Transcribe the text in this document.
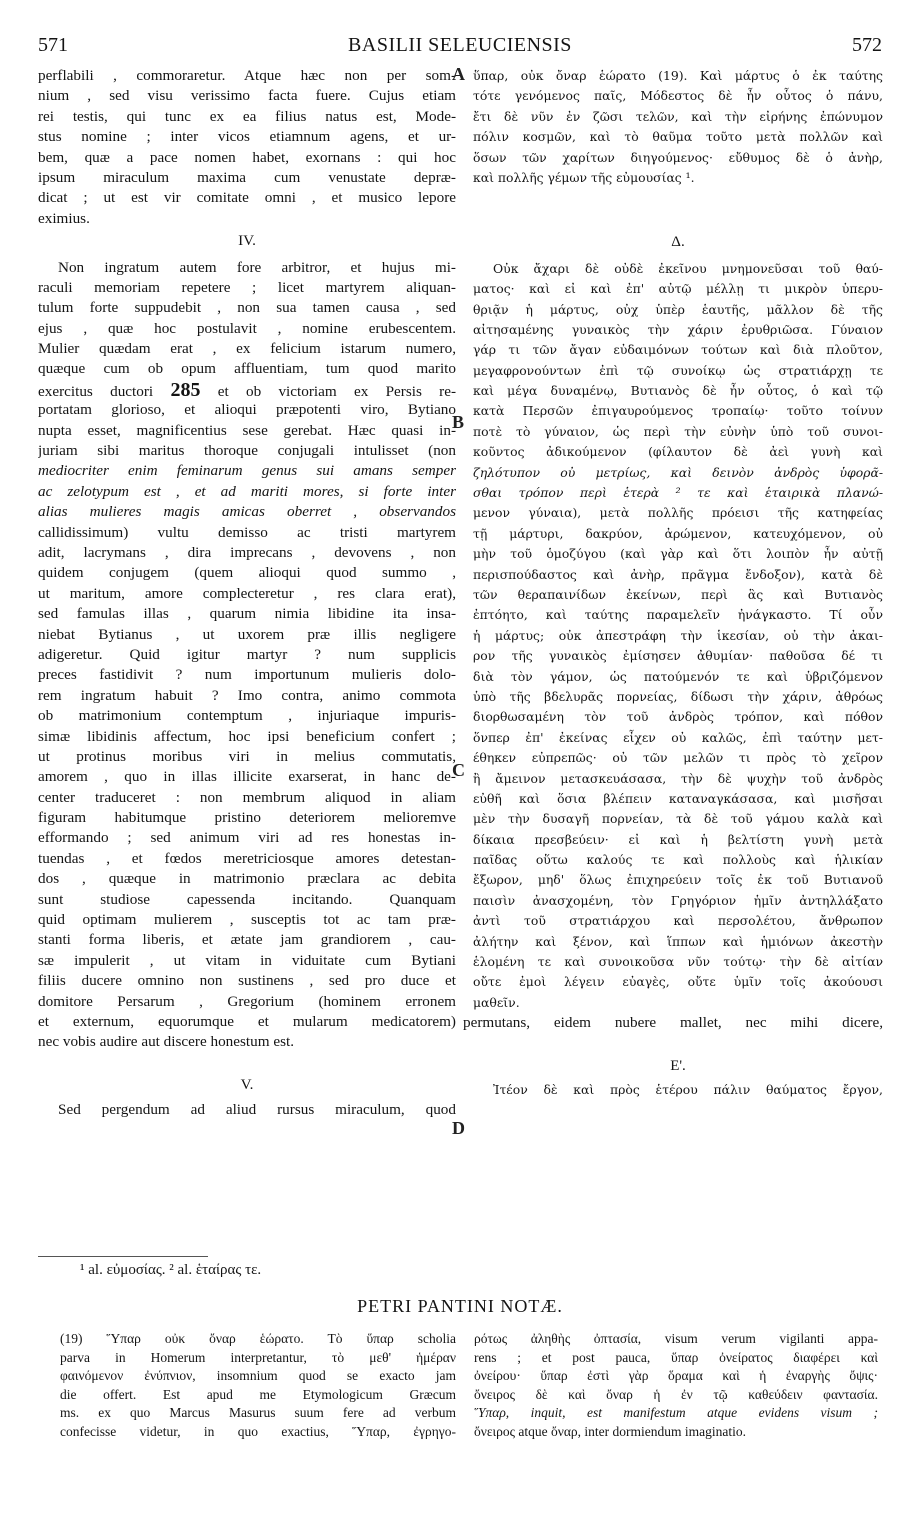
571	BASILII SELEUCIENSIS	572
perflabili , commoraretur. Atque hæc non per som-
nium , sed visu verissimo facta fuere. Cujus etiam
rei testis, qui tunc ex ea filius natus est, Mode-
stus nomine ; inter vicos etiamnum agens, et ur-
bem, quæ a pace nomen habet, exornans : qui hoc
ipsum miraculum maxima cum venustate depræ-
dicat ; ut est vir comitate omni , et musico lepore
eximius.
IV.
Non ingratum autem fore arbitror, et hujus mi-
raculi memoriam repetere ; licet martyrem aliquan-
tulum forte suppudebit , non sua tamen causa , sed
ejus , quæ hoc postulavit , nomine erubescentem.
Mulier quædam erat , ex felicium istarum numero,
quæque cum ob opum affluentiam, tum quod marito
exercitus ductori 285 et ob victoriam ex Persis re-
portatam glorioso, et alioqui præpotenti viro, Bytiano
nupta esset, magnificentius sese gerebat. Hæc quasi in-
juriam sibi maritus thoroque conjugali intulisset (non
mediocriter enim feminarum genus sui amans semper
ac zelotypum est , et ad mariti mores, si forte inter
alias mulieres magis amicas oberret , observandos
callidissimum) vultu demisso ac tristi martyrem
adit, lacrymans , dira imprecans , devovens , non
quidem conjugem (quem alioqui quod summo ,
ut maritum, amore complecteretur , res clara erat),
sed famulas illas , quarum nimia libidine ita insa-
niebat Bytianus , ut uxorem præ illis negligere
adigeretur. Quid igitur martyr ? num supplicis
preces fastidivit ? num importunum mulieris dolo-
rem ingratum habuit ? Imo contra, animo commota
ob matrimonium contemptum , injuriaque impuris-
simæ libidinis affectum, hoc ipsi beneficium confert ;
ut protinus moribus viri in melius commutatis,
amorem , quo in illas illicite exarserat, in hanc de-
center traduceret : non membrum aliquod in aliam
figuram habitumque pristino deteriorem melioremve
efformando ; sed animum viri ad res honestas in-
tuendas , et fœdos meretriciosque amores detestan-
dos , quæque in matrimonio præclara ac debita
sunt studiose capessenda incitando. Quanquam
quid optimam mulierem , susceptis tot ac tam præ-
stanti forma liberis, et ætate jam grandiorem , cau-
sæ impulerit , ut vitam in viduitate cum Bytiani
filiis ducere omnino non sustinens , sed pro duce et
domitore Persarum , Gregorium (hominem erronem
et externum, equorumque et mularum medicatorem)
nec vobis audire aut discere honestum est.
V.
Sed pergendum ad aliud rursus miraculum, quod
ὕπαρ, οὐκ ὄναρ ἑώρατο (19). Καὶ μάρτυς ὁ ἐκ ταύτης
τότε γενόμενος παῖς, Μόδεστος δὲ ἦν οὗτος ὁ πάνυ,
ἔτι δὲ νῦν ἐν ζῶσι τελῶν, καὶ τὴν εἰρήνης ἐπώνυμον
πόλιν κοσμῶν, καὶ τὸ θαῦμα τοῦτο μετὰ πολλῶν καὶ
ὅσων τῶν χαρίτων διηγούμενος· εὔθυμος δὲ ὁ ἀνὴρ,
καὶ πολλῆς γέμων τῆς εὐμουσίας ¹.
Δ.
Οὐκ ἄχαρι δὲ οὐδὲ ἐκεῖνου μνημονεῦσαι τοῦ θαύ-
ματος· καὶ εἰ καὶ ἐπ' αὐτῷ μέλλῃ τι μικρὸν ὑπερυ-
θριᾷν ἡ μάρτυς, οὐχ ὑπὲρ ἑαυτῆς, μᾶλλον δὲ τῆς
αἰτησαμένης γυναικὸς τὴν χάριν ἐρυθριῶσα. Γύναιον
γάρ τι τῶν ἄγαν εὐδαιμόνων τούτων καὶ διὰ πλοῦτον,
μεγαφρονούντων ἐπὶ τῷ συνοίκῳ ὡς στρατιάρχῃ τε
καὶ μέγα δυναμένῳ, Βυτιανὸς δὲ ἦν οὗτος, ὁ καὶ τῷ
κατὰ Περσῶν ἐπιγαυρούμενος τροπαίῳ· τοῦτο τοίνυν
ποτὲ τὸ γύναιον, ὡς περὶ τὴν εὐνὴν ὑπὸ τοῦ συνοι-
κοῦντος ἀδικούμενον (φίλαυτον δὲ ἀεὶ γυνὴ καὶ
ζηλότυπον οὐ μετρίως, καὶ δεινὸν ἀνδρὸς ὑφορᾶ-
σθαι τρόπον περὶ ἑτερὰ ² τε καὶ ἑταιρικὰ πλανώ-
μενον γύναια), μετὰ πολλῆς πρόεισι τῆς κατηφείας
τῇ μάρτυρι, δακρύον, ἀρώμενον, κατευχόμενον, οὐ
μὴν τοῦ ὁμοζύγου (καὶ γὰρ καὶ ὅτι λοιπὸν ἦν αὐτῇ
περισπούδαστος καὶ ἀνὴρ, πρᾶγμα ἔνδοξον), κατὰ δὲ
τῶν θεραπαινίδων ἐκείνων, περὶ ἃς καὶ Βυτιανὸς
ἐπτόητο, καὶ ταύτης παραμελεῖν ἠνάγκαστο. Τί οὖν
ἡ μάρτυς; οὐκ ἀπεστράφη τὴν ἱκεσίαν, οὐ τὴν ἀκαι-
ρον τῆς γυναικὸς ἐμίσησεν ἀθυμίαν· παθοῦσα δέ τι
διὰ τὸν γάμον, ὡς πατούμενόν τε καὶ ὑβριζόμενον
ὑπὸ τῆς βδελυρᾶς πορνείας, δίδωσι τὴν χάριν, ἀθρόως
διορθωσαμένη τὸν τοῦ ἀνδρὸς τρόπον, καὶ πόθον
ὅνπερ ἐπ' ἐκείνας εἶχεν οὐ καλῶς, ἐπὶ ταύτην μετ-
έθηκεν εὐπρεπῶς· οὐ τῶν μελῶν τι πρὸς τὸ χεῖρον
ἢ ἄμεινον μετασκευάσασα, τὴν δὲ ψυχὴν τοῦ ἀνδρὸς
εὐθῆ καὶ ὅσια βλέπειν καταναγκάσασα, καὶ μισῆσαι
μὲν τὴν δυσαγῆ πορνείαν, τὰ δὲ τοῦ γάμου καλὰ καὶ
δίκαια πρεσβεύειν· εἰ καὶ ἡ βελτίστη γυνὴ μετὰ
παῖδας οὕτω καλούς τε καὶ πολλοὺς καὶ ἡλικίαν
ἔξωρον, μηδ' ὅλως ἐπιχηρεύειν τοῖς ἐκ τοῦ Βυτιανοῦ
παισὶν ἀνασχομένη, τὸν Γρηγόριον ἡμῖν ἀντηλλάξατο
ἀντὶ τοῦ στρατιάρχου καὶ περσολέτου, ἄνθρωπον
ἀλήτην καὶ ξένον, καὶ ἵππων καὶ ἡμιόνων ἀκεστὴν
ἑλομένη τε καὶ συνοικοῦσα νῦν τούτῳ· τὴν δὲ αἰτίαν
οὔτε ἐμοὶ λέγειν εὐαγὲς, οὔτε ὑμῖν τοῖς ἀκούουσι
μαθεῖν.
permutans, eidem nubere mallet, nec mihi dicere,
Ε'.
Ἰτέον δὲ καὶ πρὸς ἑτέρου πάλιν θαύματος ἔργον,
A
B
C
D
¹ al. εὐμοσίας. ² al. ἑταίρας τε.
PETRI PANTINI NOTÆ.
(19) Ὕπαρ οὐκ ὄναρ ἑώρατο. Τὸ ὕπαρ scholia
parva in Homerum interpretantur, τὸ μεθ' ἡμέραν
φαινόμενον ἐνύπνιον, insomnium quod se exacto jam
die offert. Est apud me Etymologicum Græcum
ms. ex quo Marcus Masurus suum fere ad verbum
confecisse videtur, in quo exactius, Ὕπαρ, ἐγρηγο-
ρότως ἀληθὴς ὀπτασία, visum verum vigilanti appa-
rens ; et post pauca, ὕπαρ ὀνείρατος διαφέρει καὶ
ὀνείρου· ὕπαρ ἐστὶ γὰρ ὅραμα καὶ ἡ ἐναργὴς ὄψις·
ὄνειρος δὲ καὶ ὄναρ ἡ ἐν τῷ καθεύδειν φαντασία.
Ὕπαρ, inquit, est manifestum atque evidens visum ;
ὄνειρος atque ὄναρ, inter dormiendum imaginatio.
